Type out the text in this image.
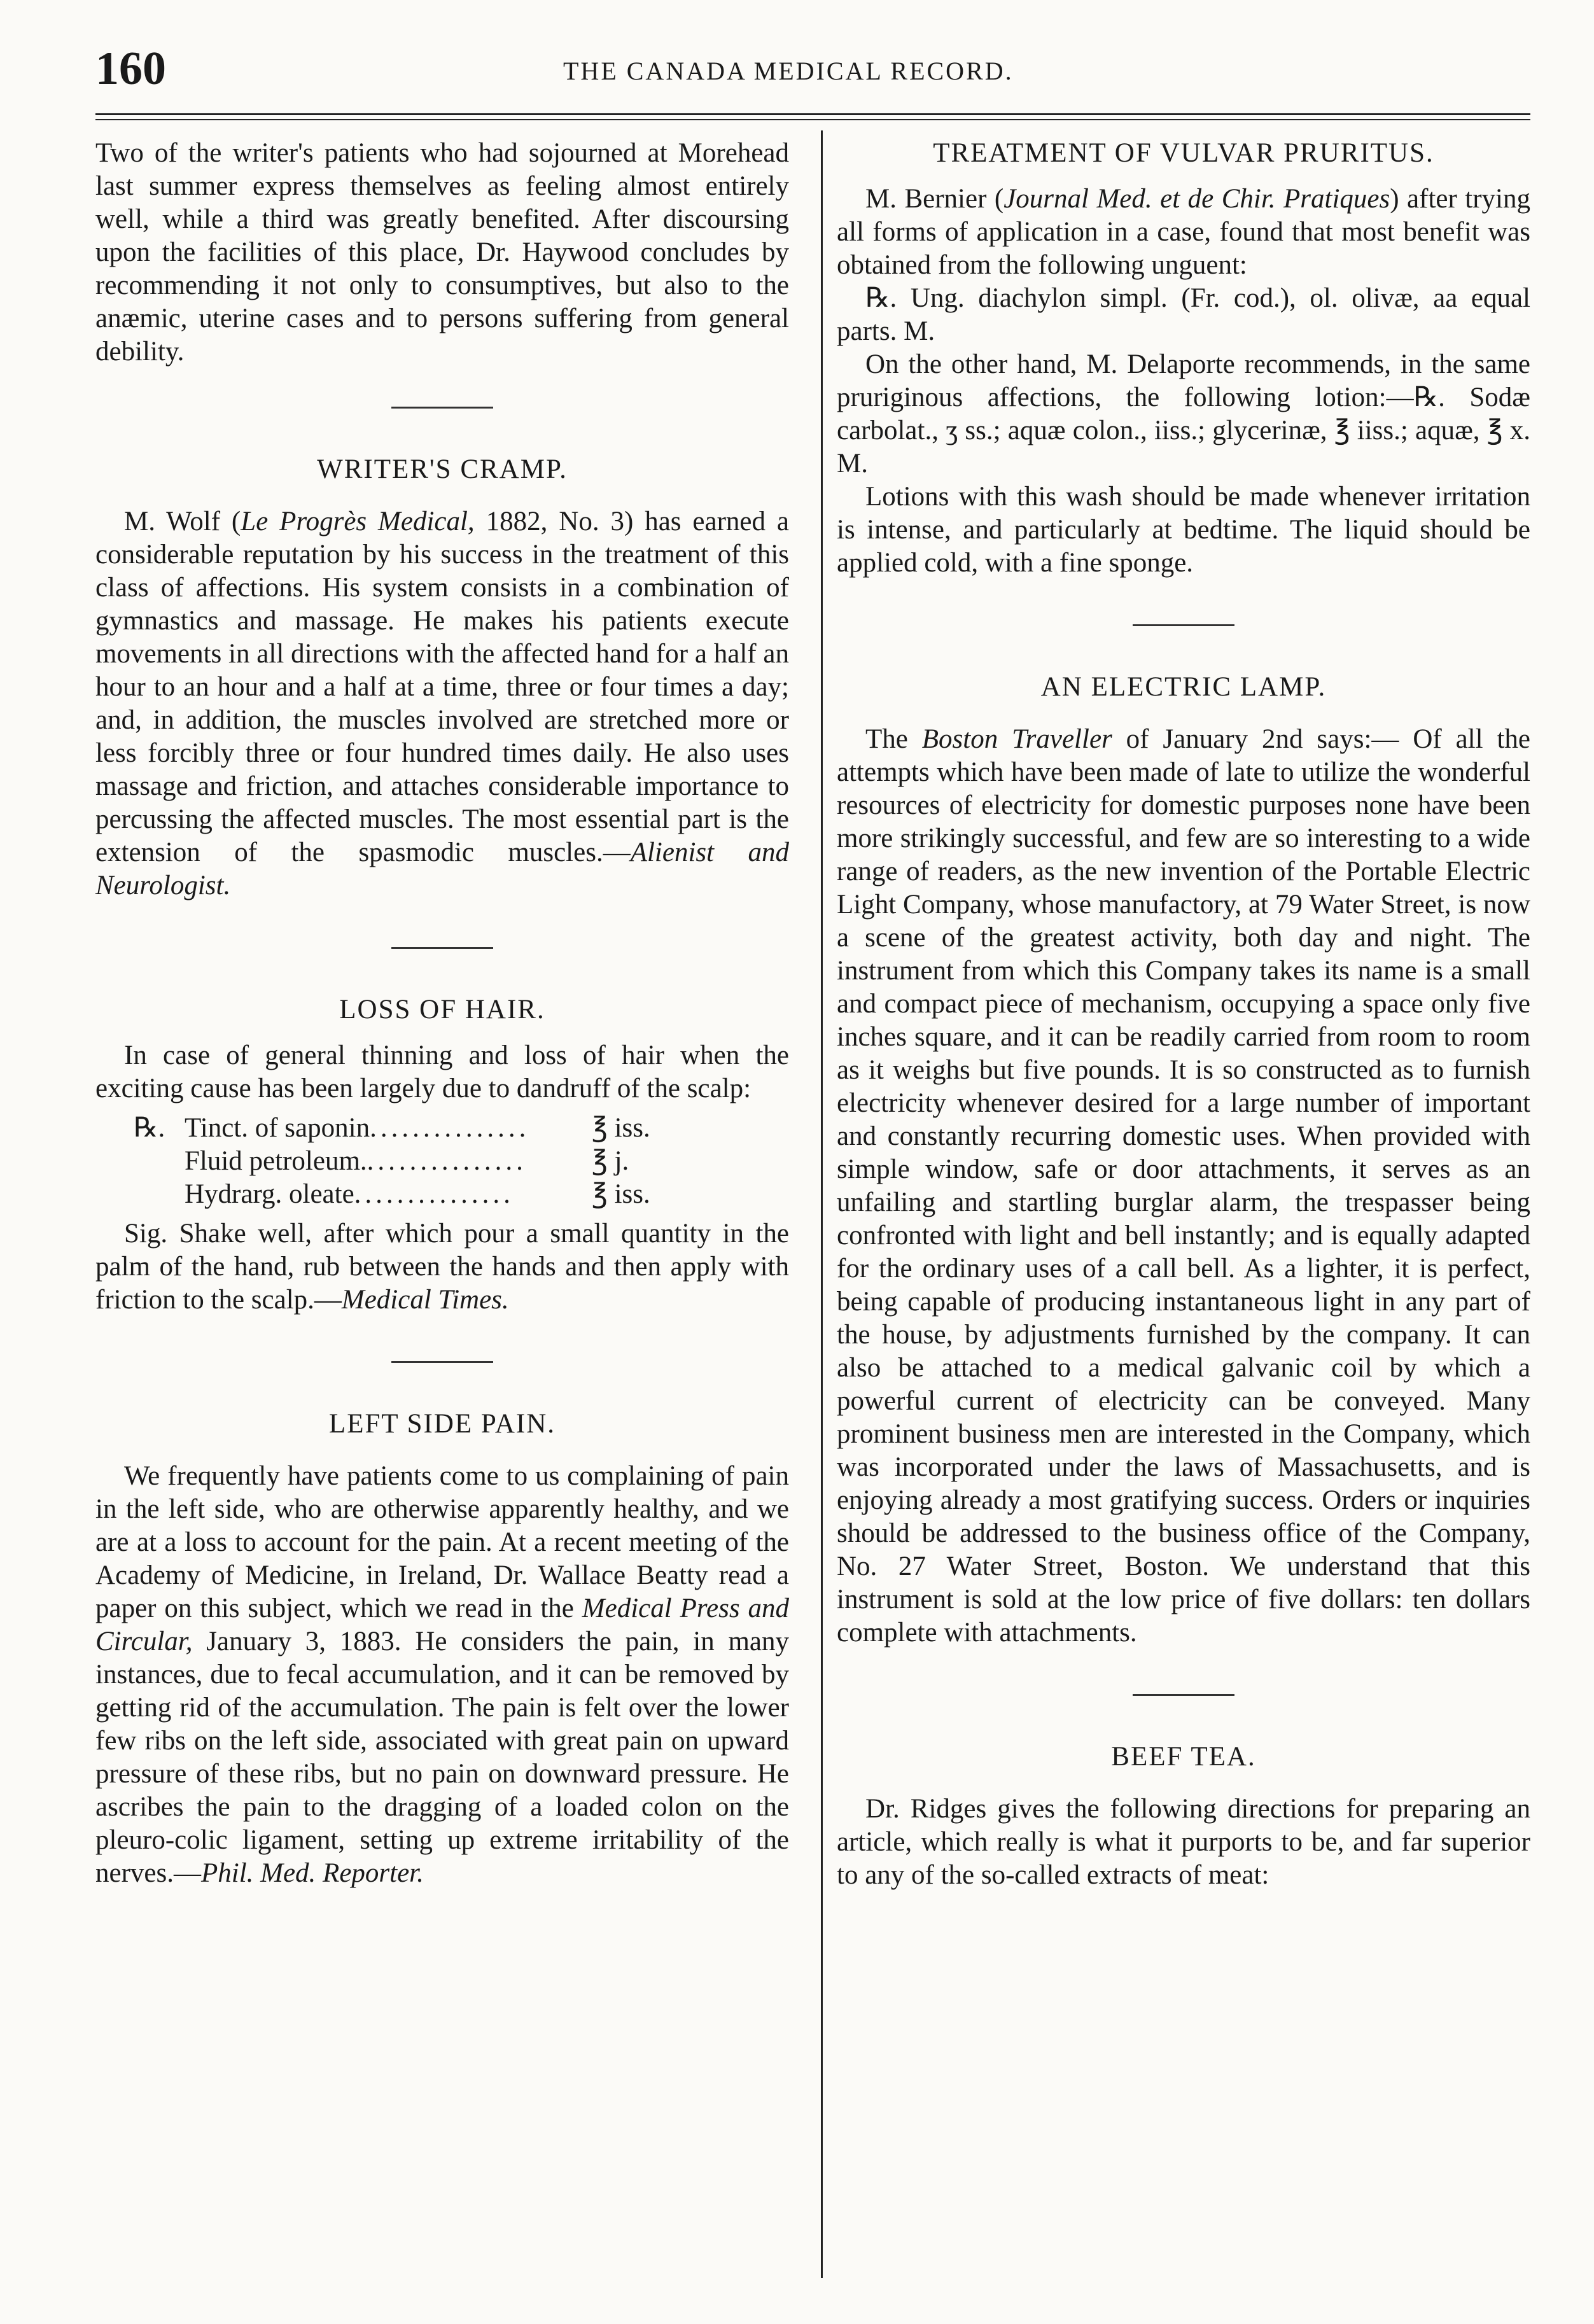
160	THE CANADA MEDICAL RECORD.

Two of the writer's patients who had sojourned at Morehead last summer express themselves as feeling almost entirely well, while a third was greatly benefited. After discoursing upon the facilities of this place, Dr. Haywood concludes by recommending it not only to consumptives, but also to the anæmic, uterine cases and to persons suffering from general debility.

WRITER'S CRAMP.

M. Wolf (Le Progrès Medical, 1882, No. 3) has earned a considerable reputation by his success in the treatment of this class of affections. His system consists in a combination of gymnastics and massage. He makes his patients execute movements in all directions with the affected hand for a half an hour to an hour and a half at a time, three or four times a day; and, in addition, the muscles involved are stretched more or less forcibly three or four hundred times daily. He also uses massage and friction, and attaches considerable importance to percussing the affected muscles. The most essential part is the extension of the spasmodic muscles.—Alienist and Neurologist.

LOSS OF HAIR.

In case of general thinning and loss of hair when the exciting cause has been largely due to dandruff of the scalp:

℞. Tinct. of saponin...............	℥ iss.
Fluid petroleum................	℥ j.
Hydrarg. oleate...............	℥ iss.

Sig. Shake well, after which pour a small quantity in the palm of the hand, rub between the hands and then apply with friction to the scalp.—Medical Times.

LEFT SIDE PAIN.

We frequently have patients come to us complaining of pain in the left side, who are otherwise apparently healthy, and we are at a loss to account for the pain. At a recent meeting of the Academy of Medicine, in Ireland, Dr. Wallace Beatty read a paper on this subject, which we read in the Medical Press and Circular, January 3, 1883. He considers the pain, in many instances, due to fecal accumulation, and it can be removed by getting rid of the accumulation. The pain is felt over the lower few ribs on the left side, associated with great pain on upward pressure of these ribs, but no pain on downward pressure. He ascribes the pain to the dragging of a loaded colon on the pleuro-colic ligament, setting up extreme irritability of the nerves.—Phil. Med. Reporter.

TREATMENT OF VULVAR PRURITUS.

M. Bernier (Journal Med. et de Chir. Pratiques) after trying all forms of application in a case, found that most benefit was obtained from the following unguent:

℞. Ung. diachylon simpl. (Fr. cod.), ol. olivæ, aa equal parts. M.

On the other hand, M. Delaporte recommends, in the same pruriginous affections, the following lotion:—℞. Sodæ carbolat., ʒ ss.; aquæ colon., iiss.; glycerinæ, ℥ iiss.; aquæ, ℥ x. M.

Lotions with this wash should be made whenever irritation is intense, and particularly at bedtime. The liquid should be applied cold, with a fine sponge.

AN ELECTRIC LAMP.

The Boston Traveller of January 2nd says:— Of all the attempts which have been made of late to utilize the wonderful resources of electricity for domestic purposes none have been more strikingly successful, and few are so interesting to a wide range of readers, as the new invention of the Portable Electric Light Company, whose manufactory, at 79 Water Street, is now a scene of the greatest activity, both day and night. The instrument from which this Company takes its name is a small and compact piece of mechanism, occupying a space only five inches square, and it can be readily carried from room to room as it weighs but five pounds. It is so constructed as to furnish electricity whenever desired for a large number of important and constantly recurring domestic uses. When provided with simple window, safe or door attachments, it serves as an unfailing and startling burglar alarm, the trespasser being confronted with light and bell instantly; and is equally adapted for the ordinary uses of a call bell. As a lighter, it is perfect, being capable of producing instantaneous light in any part of the house, by adjustments furnished by the company. It can also be attached to a medical galvanic coil by which a powerful current of electricity can be conveyed. Many prominent business men are interested in the Company, which was incorporated under the laws of Massachusetts, and is enjoying already a most gratifying success. Orders or inquiries should be addressed to the business office of the Company, No. 27 Water Street, Boston. We understand that this instrument is sold at the low price of five dollars: ten dollars complete with attachments.

BEEF TEA.

Dr. Ridges gives the following directions for preparing an article, which really is what it purports to be, and far superior to any of the so-called extracts of meat:
